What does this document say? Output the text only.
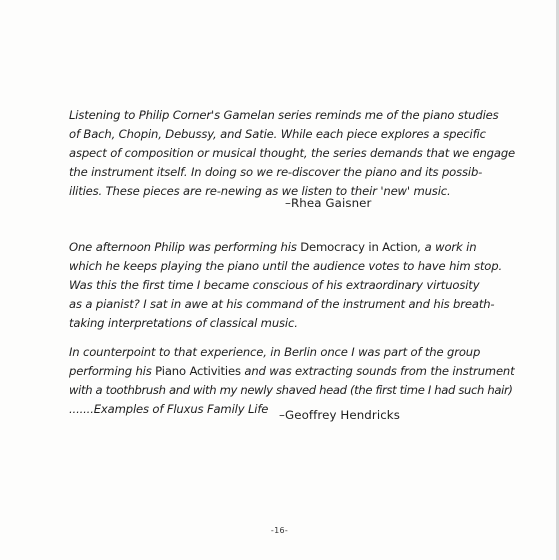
Listening to Philip Corner's Gamelan series reminds me of the piano studies
of Bach, Chopin, Debussy, and Satie. While each piece explores a specific
aspect of composition or musical thought, the series demands that we engage
the instrument itself. In doing so we re-discover the piano and its possib-
ilities. These pieces are re-newing as we listen to their 'new' music.
–Rhea Gaisner
One afternoon Philip was performing his Democracy in Action, a work in
which he keeps playing the piano until the audience votes to have him stop.
Was this the first time I became conscious of his extraordinary virtuosity
as a pianist? I sat in awe at his command of the instrument and his breath-
taking interpretations of classical music.
In counterpoint to that experience, in Berlin once I was part of the group
performing his Piano Activities and was extracting sounds from the instrument
with a toothbrush and with my newly shaved head (the first time I had such hair)
.......Examples of Fluxus Family Life –Geoffrey Hendricks
-16-
